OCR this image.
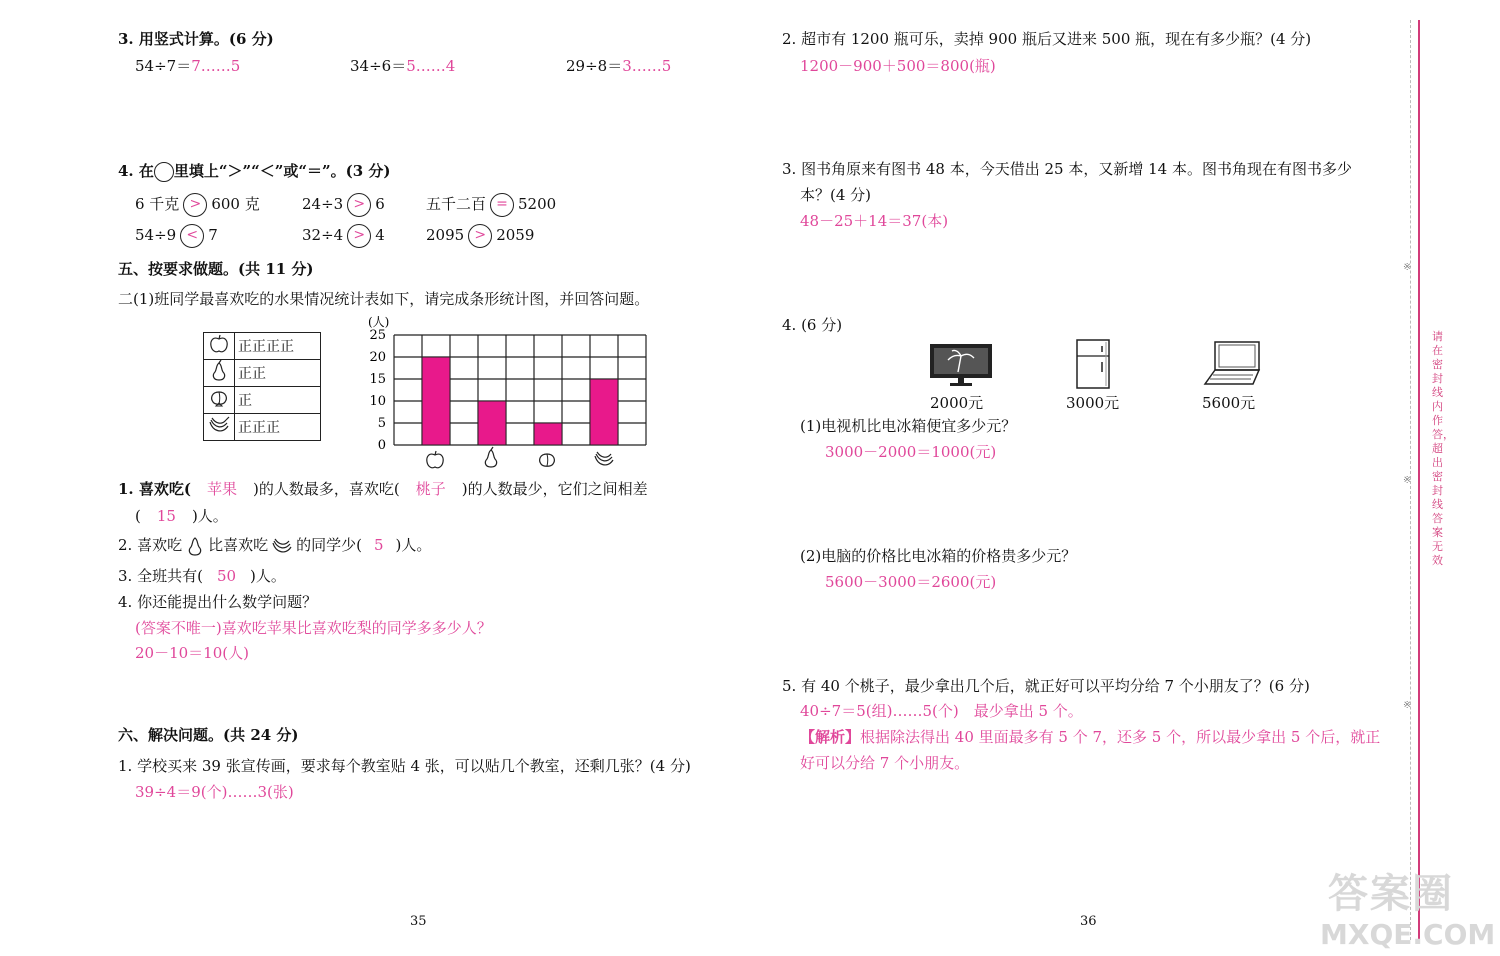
3. 用竖式计算。(6 分)
54÷7＝7……5	34÷6＝5……4	29÷8＝3……5
4. 在 里填上“＞”“＜”或“＝”。(3 分)
6 千克 > 600 克	24÷3 > 6	五千二百 = 5200
54÷9 < 7	32÷4 > 4	2095 > 2059
五、按要求做题。(共 11 分)
二(1)班同学最喜欢吃的水果情况统计表如下，请完成条形统计图，并回答问题。
	正正正正
	正正
	正
	正正正
(人)
0
5
10
15
20
25
1. 喜欢吃( 苹果 )的人数最多，喜欢吃( 桃子 )的人数最少，它们之间相差
( 15 )人。
2. 喜欢吃 比喜欢吃 的同学少( 5 )人。
3. 全班共有( 50 )人。
4. 你还能提出什么数学问题？
(答案不唯一)喜欢吃苹果比喜欢吃梨的同学多多少人？
20－10＝10(人)
六、解决问题。(共 24 分)
1. 学校买来 39 张宣传画，要求每个教室贴 4 张，可以贴几个教室，还剩几张？(4 分)
39÷4＝9(个)……3(张)
35
2. 超市有 1200 瓶可乐，卖掉 900 瓶后又进来 500 瓶，现在有多少瓶？(4 分)
1200－900＋500＝800(瓶)
3. 图书角原来有图书 48 本，今天借出 25 本，又新增 14 本。图书角现在有图书多少
本？(4 分)
48－25＋14＝37(本)
4. (6 分)
2000元	3000元	5600元
(1)电视机比电冰箱便宜多少元？
3000－2000＝1000(元)
(2)电脑的价格比电冰箱的价格贵多少元？
5600－3000＝2600(元)
5. 有 40 个桃子，最少拿出几个后，就正好可以平均分给 7 个小朋友了？(6 分)
40÷7＝5(组)……5(个)　最少拿出 5 个。
【解析】根据除法得出 40 里面最多有 5 个 7，还多 5 个，所以最少拿出 5 个后，就正
好可以分给 7 个小朋友。
36
※
※
※
请在密封线内作答，超出密封线答案无效
答案圈
MXQE.COM
